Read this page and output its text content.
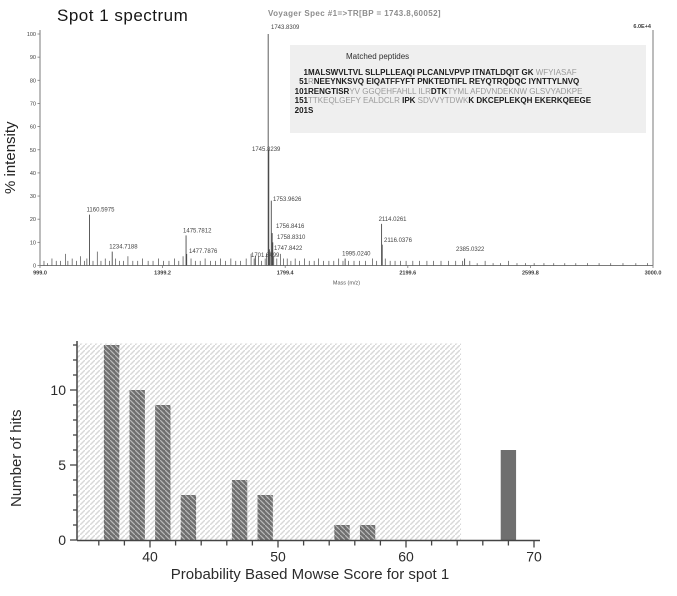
Spot 1 spectrum	Voyager Spec #1=>TR[BP = 1743.8,60052]
% intensity
0
10
20
30
40
50
60
70
80
90
100
999.0	1399.2	1799.4	2199.6	2599.8	3000.0
Mass (m/z)
6.0E+4
1160.5975
1234.7188
1475.7812
1477.7876
1701.8499
1743.8309
1745.8239
1747.8422
1753.9626
1756.8416
1758.8310
1995.0240
2114.0261
2116.0376
2385.0322
Matched peptides
1 MALSWVLTVL SLLPLLEAQI PLCANLVPVP ITNATLDQIT GK WFYIASAF
51 R NEEYNKSVQ EIQATFFYFT PNKTEDTIFL REYQTRQDQC IYNTTYLNVQ
101 RENGTISR YV GGQEHFAHLL ILR DTK TYML AFDVNDEKNW GLSVYADKPE
151 TTKEQLGEFY EALDCLR IPK SDVVYTDWK K DKCEPLEKQH EKERKQEEGE
201 S
Number of hits
40	50	60	70
0
5
10
Probability Based Mowse Score for spot 1
